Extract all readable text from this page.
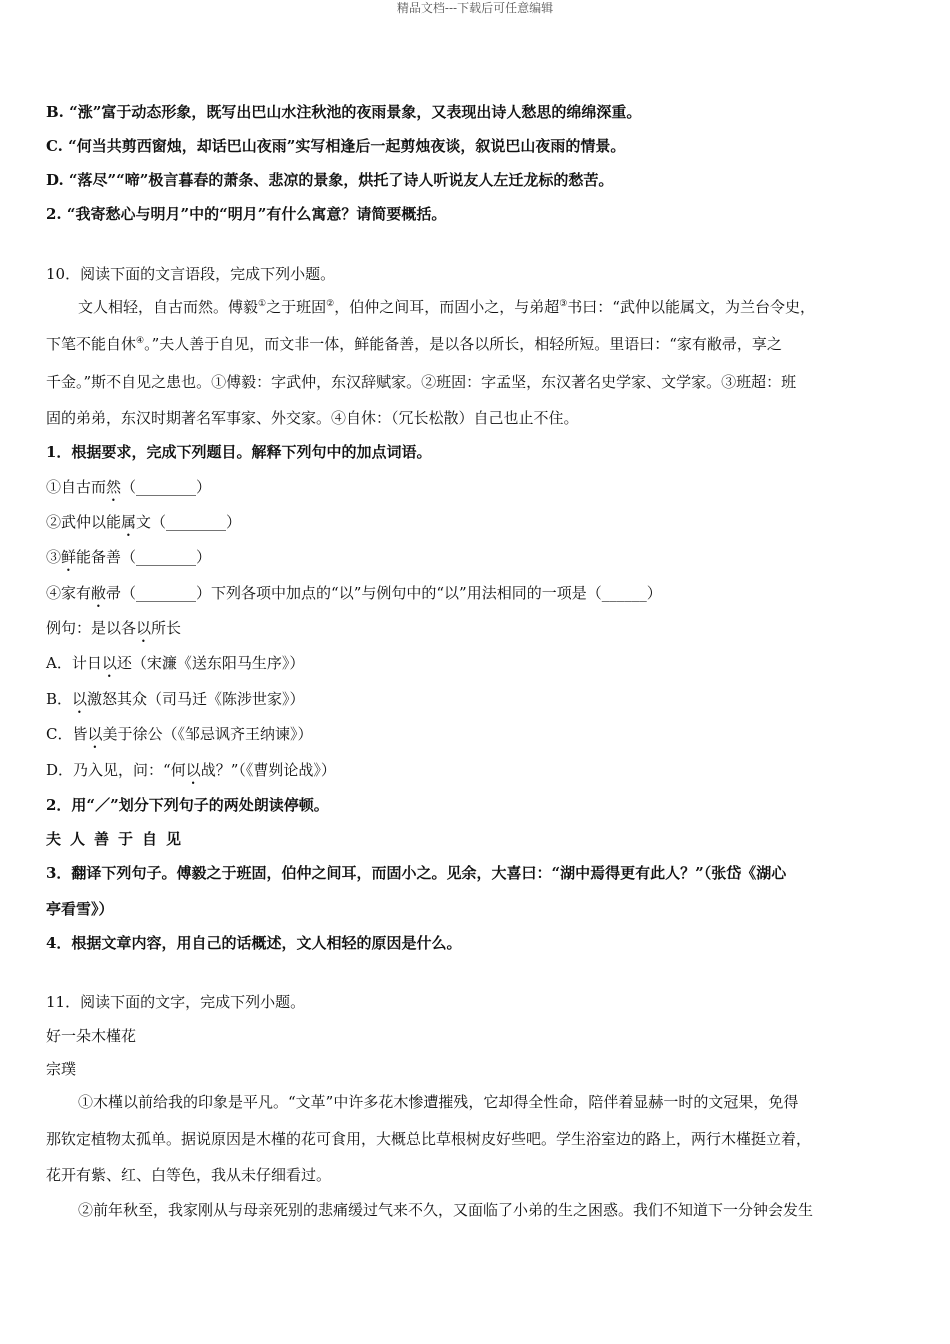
精品文档---下载后可任意编辑
B. “涨”富于动态形象，既写出巴山水注秋池的夜雨景象，又表现出诗人愁思的绵绵深重。
C. “何当共剪西窗烛，却话巴山夜雨”实写相逢后一起剪烛夜谈，叙说巴山夜雨的情景。
D. “落尽”“啼”极言暮春的萧条、悲凉的景象，烘托了诗人听说友人左迁龙标的愁苦。
2. “我寄愁心与明月”中的“明月”有什么寓意？请简要概括。
10．阅读下面的文言语段，完成下列小题。
文人相轻，自古而然。傅毅①之于班固②，伯仲之间耳，而固小之，与弟超③书曰：“武仲以能属文，为兰台令史，
下笔不能自休④。”夫人善于自见，而文非一体，鲜能备善，是以各以所长，相轻所短。里语曰：“家有敝帚，享之
千金。”斯不自见之患也。①傅毅：字武仲，东汉辞赋家。②班固：字孟坚，东汉著名史学家、文学家。③班超：班
固的弟弟，东汉时期著名军事家、外交家。④自休：（冗长松散）自己也止不住。
1．根据要求，完成下列题目。解释下列句中的加点词语。
①自古而然（________）
②武仲以能属文（________）
③鲜能备善（________）
④家有敝帚（________）下列各项中加点的“以”与例句中的“以”用法相同的一项是（______）
例句：是以各以所长
A．计日以还（宋濂《送东阳马生序》）
B．以激怒其众（司马迁《陈涉世家》）
C．皆以美于徐公（《邹忌讽齐王纳谏》）
D．乃入见，问：“何以战？”（《曹刿论战》）
2．用“／”划分下列句子的两处朗读停顿。
夫人善于自见
3．翻译下列句子。傅毅之于班固，伯仲之间耳，而固小之。见余，大喜曰：“湖中焉得更有此人？”（张岱《湖心
亭看雪》）
4．根据文章内容，用自己的话概述，文人相轻的原因是什么。
11．阅读下面的文字，完成下列小题。
好一朵木槿花
宗璞
①木槿以前给我的印象是平凡。“文革”中许多花木惨遭摧残，它却得全性命，陪伴着显赫一时的文冠果，免得
那钦定植物太孤单。据说原因是木槿的花可食用，大概总比草根树皮好些吧。学生浴室边的路上，两行木槿挺立着，
花开有紫、红、白等色，我从未仔细看过。
②前年秋至，我家刚从与母亲死别的悲痛缓过气来不久，又面临了小弟的生之困惑。我们不知道下一分钟会发生
